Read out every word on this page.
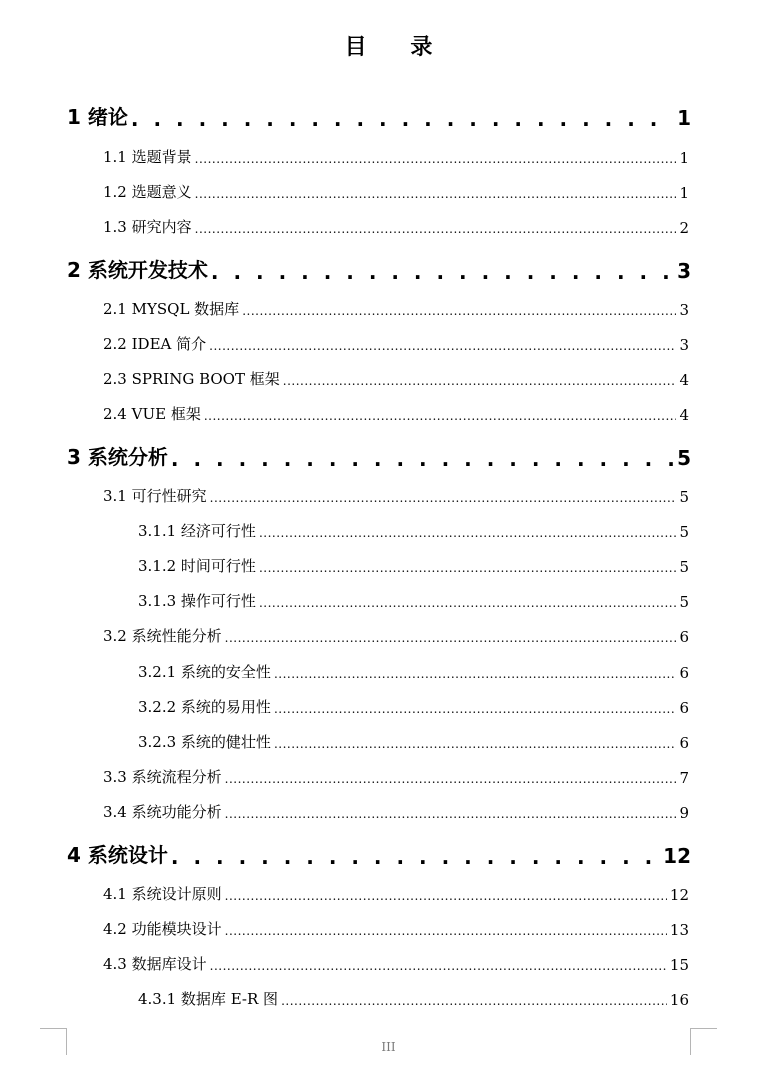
目 录
1 绪论 . . .	1
1.1 选题背景 .....	1
1.2 选题意义 .....	1
1.3 研究内容 .....	2
2 系统开发技术 . . .	3
2.1 MYSQL 数据库 .....	3
2.2 IDEA 简介 .....	3
2.3 SPRING BOOT 框架 .....	4
2.4 VUE 框架 .....	4
3 系统分析 . . .	5
3.1 可行性研究 .....	5
3.1.1 经济可行性 .....	5
3.1.2 时间可行性 .....	5
3.1.3 操作可行性 .....	5
3.2 系统性能分析 .....	6
3.2.1 系统的安全性 .....	6
3.2.2 系统的易用性 .....	6
3.2.3 系统的健壮性 .....	6
3.3 系统流程分析 .....	7
3.4 系统功能分析 .....	9
4 系统设计 . . .	12
4.1 系统设计原则 .....	12
4.2 功能模块设计 .....	13
4.3 数据库设计 .....	15
4.3.1 数据库 E-R 图 .....	16
III
